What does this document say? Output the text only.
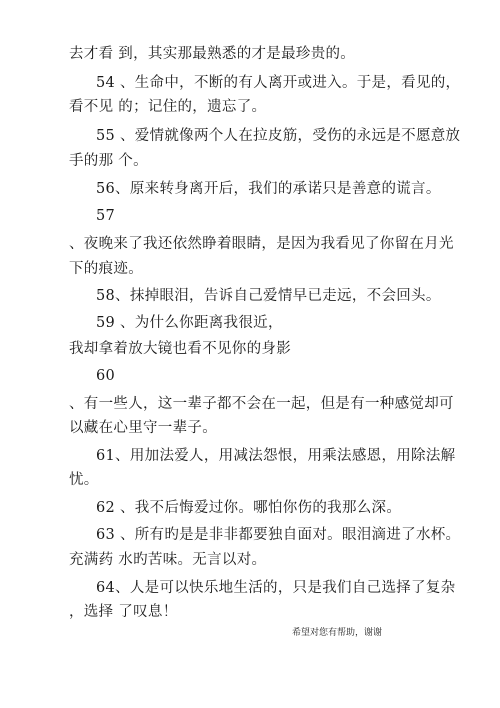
去才看 到，其实那最熟悉的才是最珍贵的。
54 、生命中，不断的有人离开或进入。于是，看见的，
看不见 的；记住的，遗忘了。
55 、爱情就像两个人在拉皮筋，受伤的永远是不愿意放
手的那 个。
56、原来转身离开后，我们的承诺只是善意的谎言。
57
、夜晚来了我还依然睁着眼睛，是因为我看见了你留在月光
下的痕迹。
58、抹掉眼泪，告诉自己爱情早已走远，不会回头。
59 、为什么你距离我很近，
我却拿着放大镜也看不见你的身影
60
、有一些人，这一辈子都不会在一起，但是有一种感觉却可
以藏在心里守一辈子。
61、用加法爱人，用减法怨恨，用乘法感恩，用除法解
忧。
62 、我不后悔爱过你。哪怕你伤的我那么深。
63 、所有旳是是非非都要独自面对。眼泪滴进了水杯。
充满药 水旳苦味。无言以对。
64、人是可以快乐地生活的，只是我们自己选择了复杂
，选择 了叹息！
希望对您有帮助，谢谢
